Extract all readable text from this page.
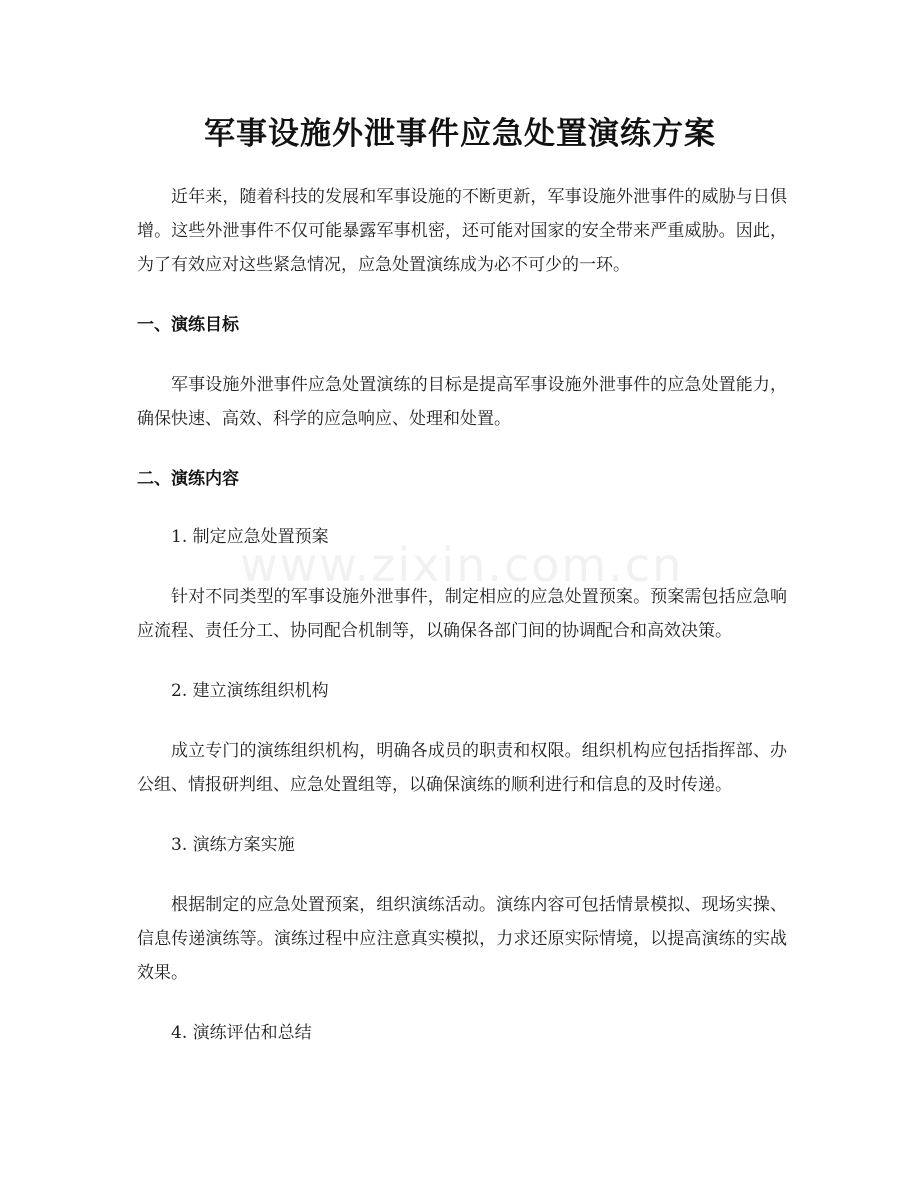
军事设施外泄事件应急处置演练方案
www.zixin.com.cn

近年来，随着科技的发展和军事设施的不断更新，军事设施外泄事件的威胁与日俱增。这些外泄事件不仅可能暴露军事机密，还可能对国家的安全带来严重威胁。因此，为了有效应对这些紧急情况，应急处置演练成为必不可少的一环。

一、演练目标

军事设施外泄事件应急处置演练的目标是提高军事设施外泄事件的应急处置能力，确保快速、高效、科学的应急响应、处理和处置。

二、演练内容
1. 制定应急处置预案

针对不同类型的军事设施外泄事件，制定相应的应急处置预案。预案需包括应急响应流程、责任分工、协同配合机制等，以确保各部门间的协调配合和高效决策。

2. 建立演练组织机构

成立专门的演练组织机构，明确各成员的职责和权限。组织机构应包括指挥部、办公组、情报研判组、应急处置组等，以确保演练的顺利进行和信息的及时传递。

3. 演练方案实施

根据制定的应急处置预案，组织演练活动。演练内容可包括情景模拟、现场实操、信息传递演练等。演练过程中应注意真实模拟，力求还原实际情境，以提高演练的实战效果。

4. 演练评估和总结
